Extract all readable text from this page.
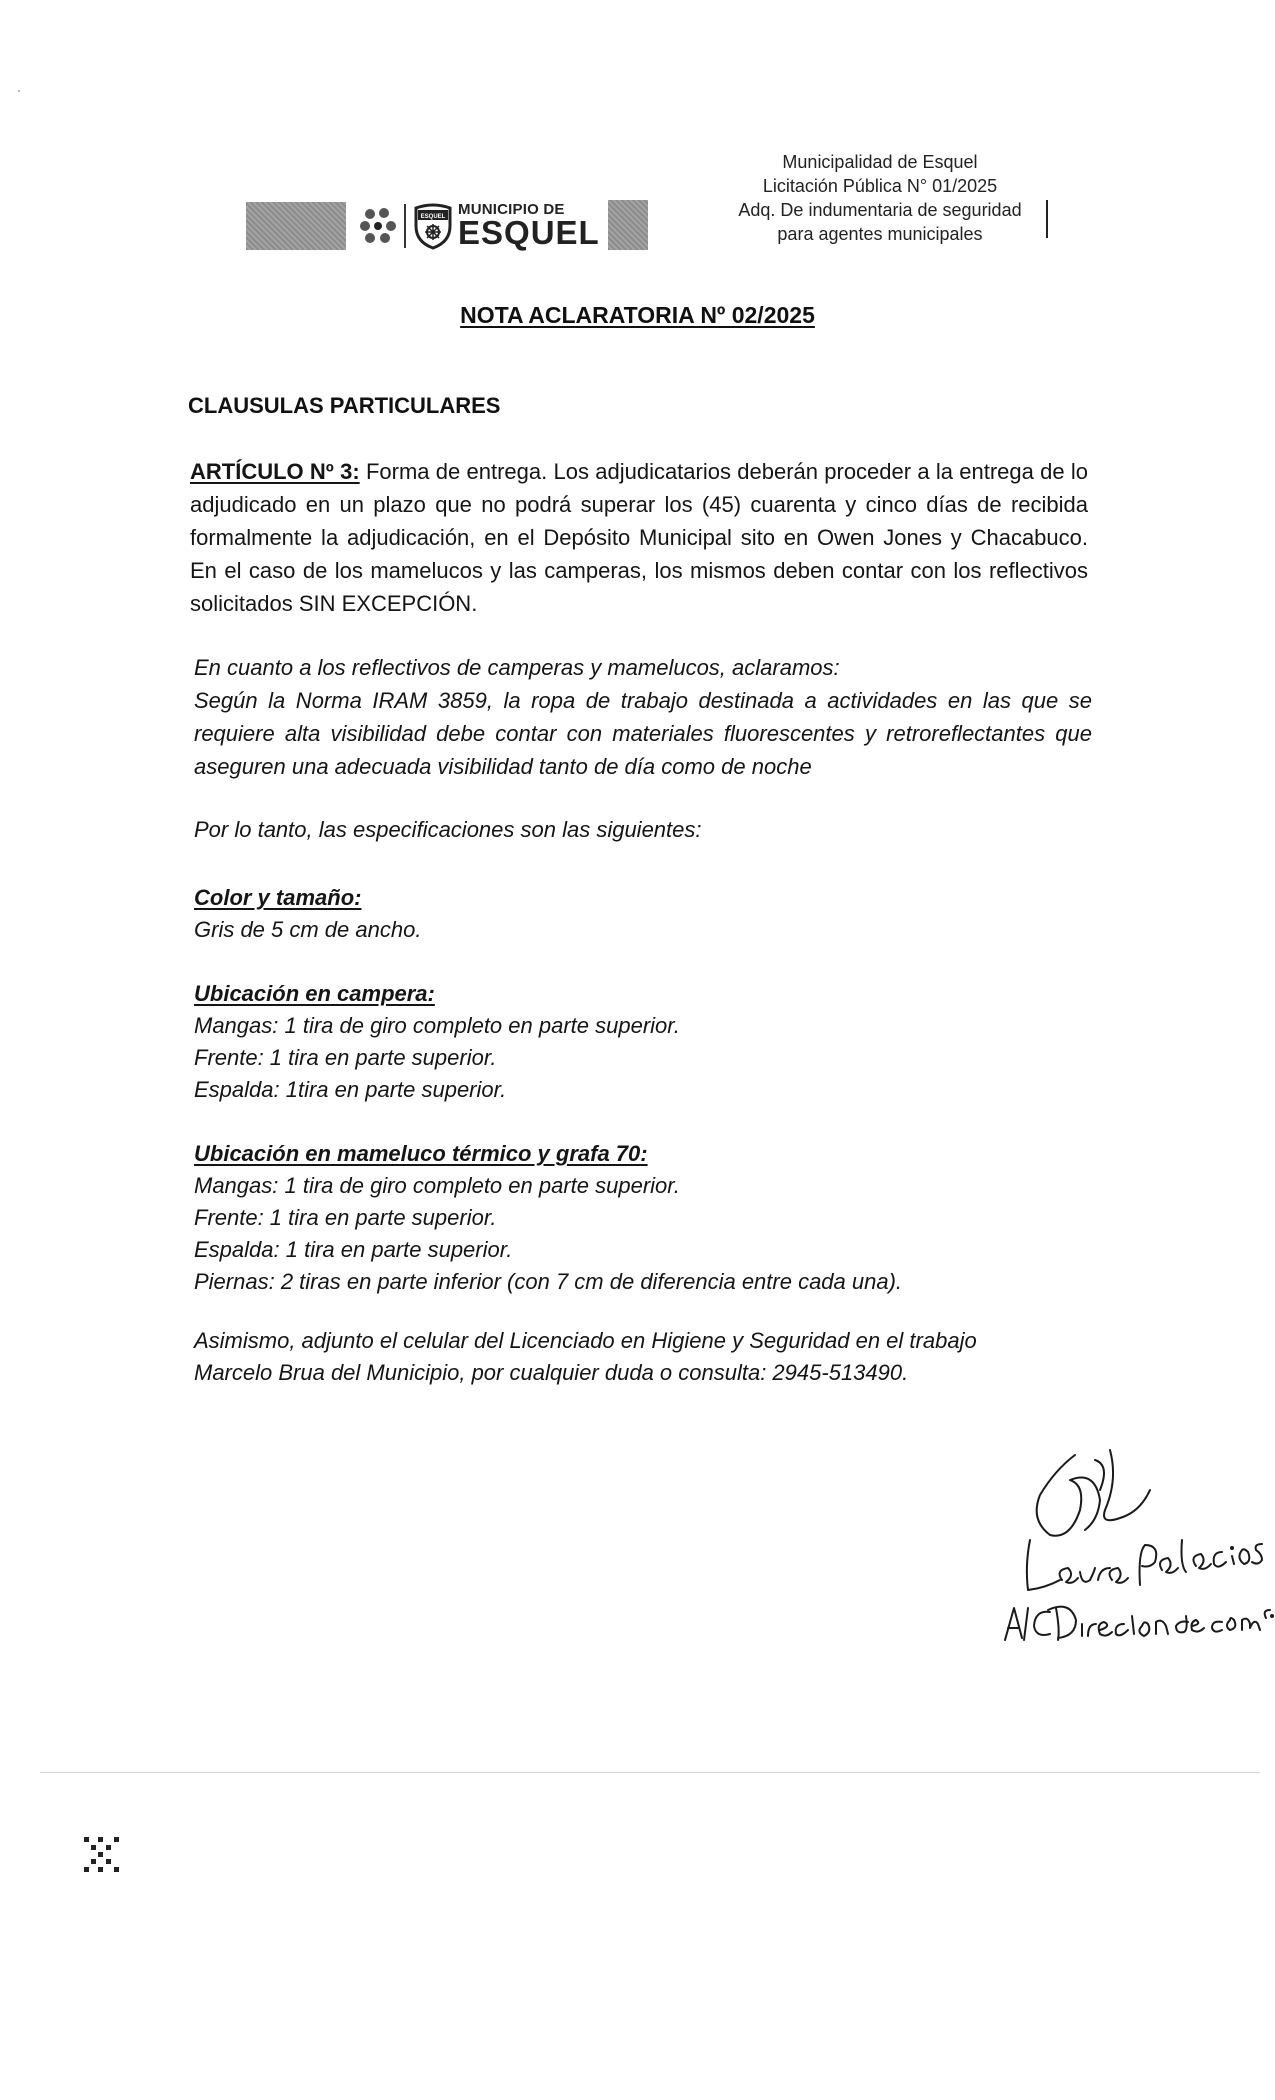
ESQUEL MUNICIPIO DE
ESQUEL
Municipalidad de Esquel
Licitación Pública N° 01/2025
Adq. De indumentaria de seguridad
para agentes municipales
NOTA ACLARATORIA Nº 02/2025
CLAUSULAS PARTICULARES
ARTÍCULO Nº 3: Forma de entrega. Los adjudicatarios deberán proceder a la entrega de lo adjudicado en un plazo que no podrá superar los (45) cuarenta y cinco días de recibida formalmente la adjudicación, en el Depósito Municipal sito en Owen Jones y Chacabuco. En el caso de los mamelucos y las camperas, los mismos deben contar con los reflectivos solicitados SIN EXCEPCIÓN.
En cuanto a los reflectivos de camperas y mamelucos, aclaramos:
Según la Norma IRAM 3859, la ropa de trabajo destinada a actividades en las que se requiere alta visibilidad debe contar con materiales fluorescentes y retroreflectantes que aseguren una adecuada visibilidad tanto de día como de noche
Por lo tanto, las especificaciones son las siguientes:
Color y tamaño:
Gris de 5 cm de ancho.
Ubicación en campera:
Mangas: 1 tira de giro completo en parte superior.
Frente: 1 tira en parte superior.
Espalda: 1tira en parte superior.
Ubicación en mameluco térmico y grafa 70:
Mangas: 1 tira de giro completo en parte superior.
Frente: 1 tira en parte superior.
Espalda: 1 tira en parte superior.
Piernas: 2 tiras en parte inferior (con 7 cm de diferencia entre cada una).
Asimismo, adjunto el celular del Licenciado en Higiene y Seguridad en el trabajo
Marcelo Brua del Municipio, por cualquier duda o consulta: 2945-513490.
